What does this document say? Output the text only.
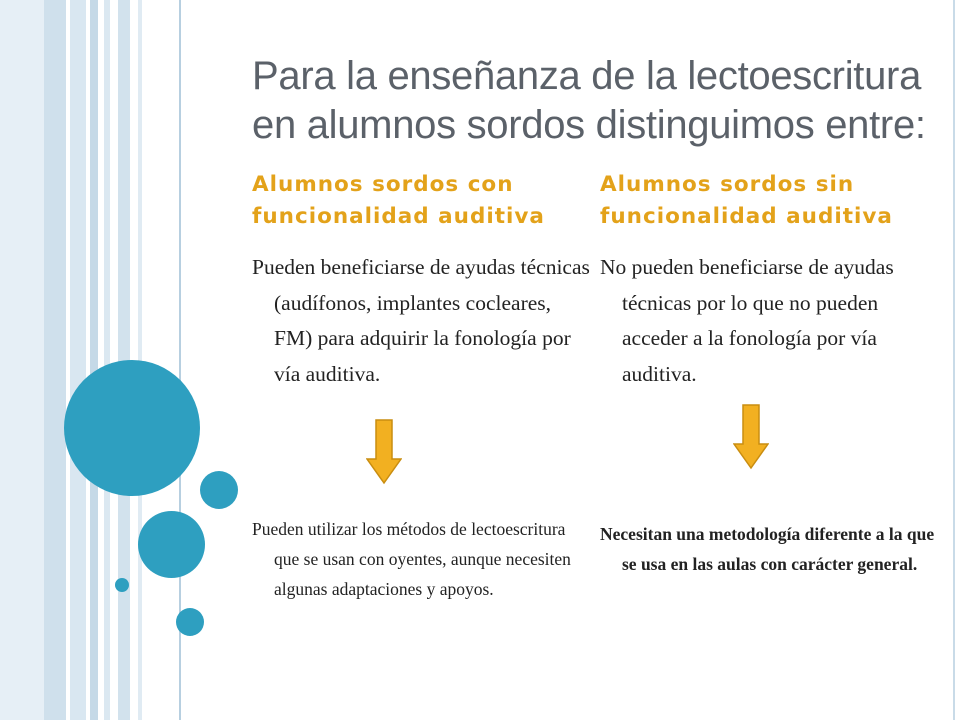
Para la enseñanza de la lectoescritura en alumnos sordos distinguimos entre:
Alumnos sordos con funcionalidad auditiva
Pueden beneficiarse de ayudas técnicas (audífonos, implantes cocleares, FM) para adquirir la fonología por vía auditiva.
Pueden utilizar los métodos de lectoescritura que se usan con oyentes, aunque necesiten algunas adaptaciones y apoyos.
Alumnos sordos sin funcionalidad auditiva
No pueden beneficiarse de ayudas técnicas por lo que no pueden acceder a la fonología por vía auditiva.
Necesitan una metodología diferente a la que se usa en las aulas con carácter general.
